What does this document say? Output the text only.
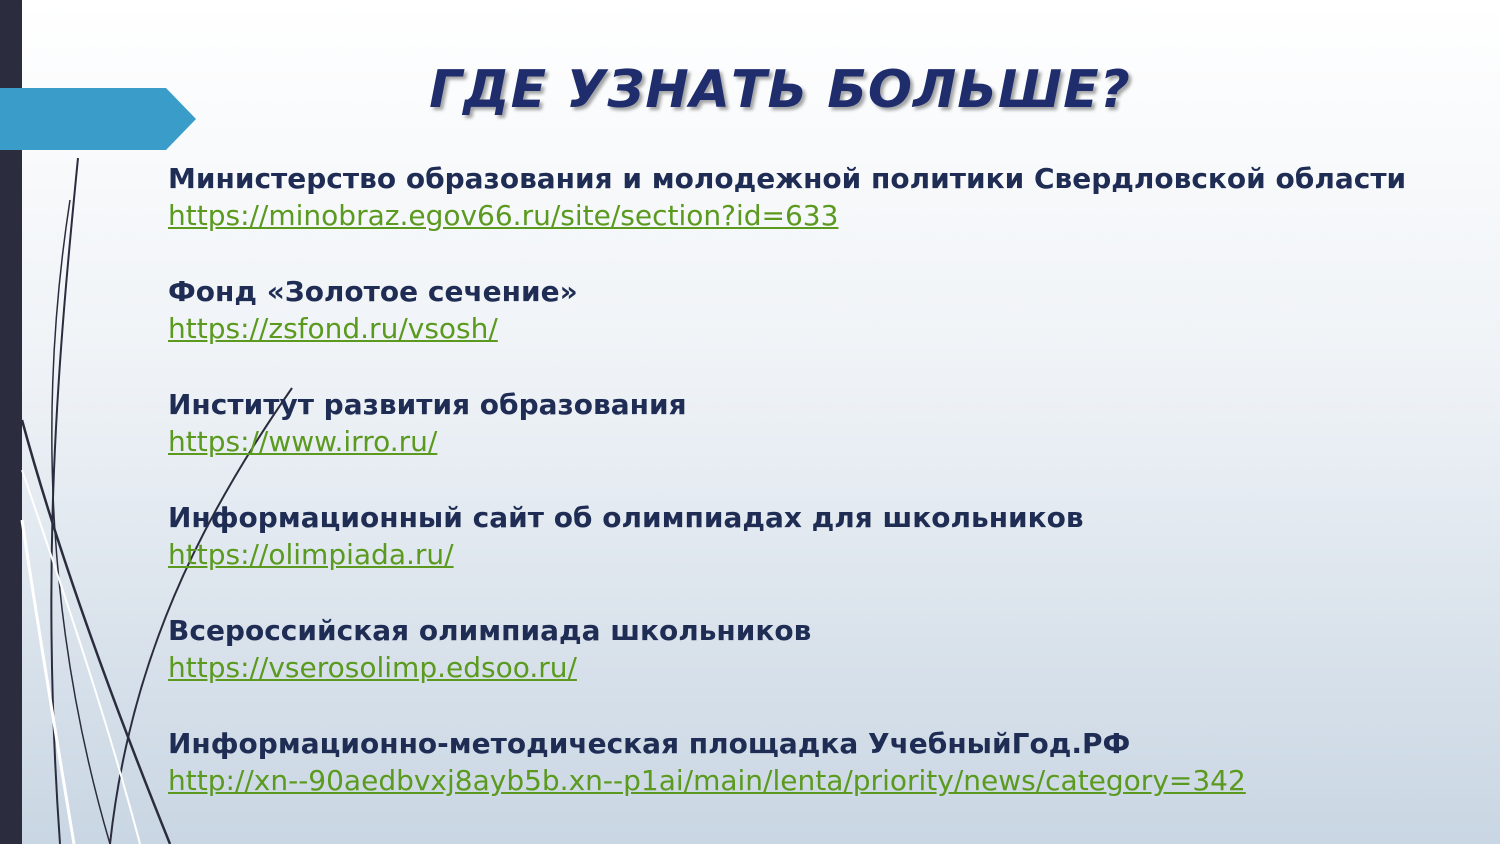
ГДЕ УЗНАТЬ БОЛЬШЕ?
Министерство образования и молодежной политики Свердловской области
https://minobraz.egov66.ru/site/section?id=633
Фонд «Золотое сечение»
https://zsfond.ru/vsosh/
Институт развития образования
https://www.irro.ru/
Информационный сайт об олимпиадах для школьников
https://olimpiada.ru/
Всероссийская олимпиада школьников
https://vserosolimp.edsoo.ru/
Информационно-методическая площадка УчебныйГод.РФ
http://xn--90aedbvxj8ayb5b.xn--p1ai/main/lenta/priority/news/category=342
